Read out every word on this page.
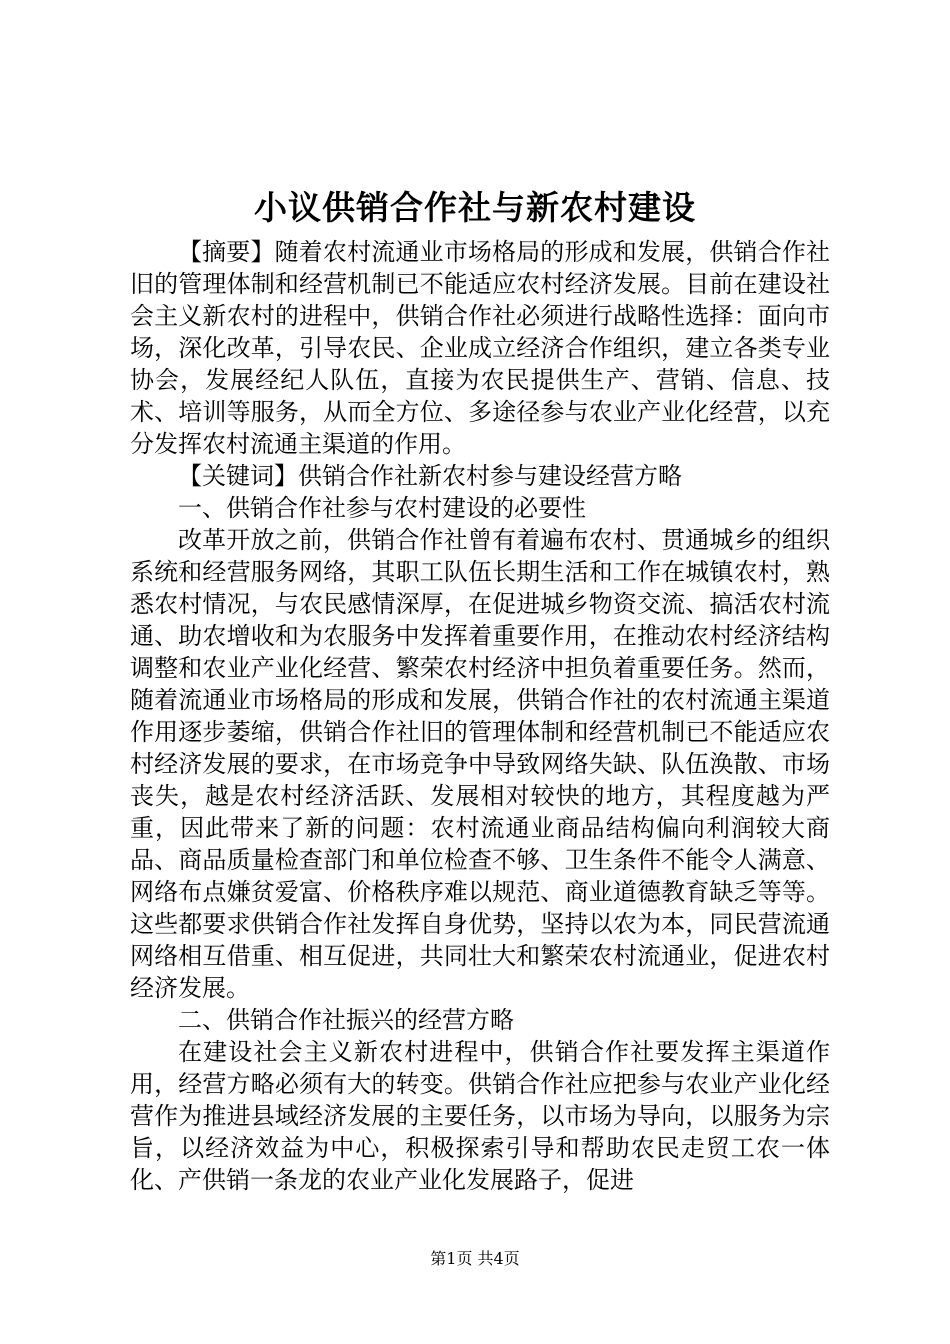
小议供销合作社与新农村建设

【摘要】随着农村流通业市场格局的形成和发展，供销合作社旧的管理体制和经营机制已不能适应农村经济发展。目前在建设社会主义新农村的进程中，供销合作社必须进行战略性选择：面向市场，深化改革，引导农民、企业成立经济合作组织，建立各类专业协会，发展经纪人队伍，直接为农民提供生产、营销、信息、技术、培训等服务，从而全方位、多途径参与农业产业化经营，以充分发挥农村流通主渠道的作用。

【关键词】供销合作社新农村参与建设经营方略

一、供销合作社参与农村建设的必要性

改革开放之前，供销合作社曾有着遍布农村、贯通城乡的组织系统和经营服务网络，其职工队伍长期生活和工作在城镇农村，熟悉农村情况，与农民感情深厚，在促进城乡物资交流、搞活农村流通、助农增收和为农服务中发挥着重要作用，在推动农村经济结构调整和农业产业化经营、繁荣农村经济中担负着重要任务。然而，随着流通业市场格局的形成和发展，供销合作社的农村流通主渠道作用逐步萎缩，供销合作社旧的管理体制和经营机制已不能适应农村经济发展的要求，在市场竞争中导致网络失缺、队伍涣散、市场丧失，越是农村经济活跃、发展相对较快的地方，其程度越为严重，因此带来了新的问题：农村流通业商品结构偏向利润较大商品、商品质量检查部门和单位检查不够、卫生条件不能令人满意、网络布点嫌贫爱富、价格秩序难以规范、商业道德教育缺乏等等。这些都要求供销合作社发挥自身优势，坚持以农为本，同民营流通网络相互借重、相互促进，共同壮大和繁荣农村流通业，促进农村经济发展。

二、供销合作社振兴的经营方略

在建设社会主义新农村进程中，供销合作社要发挥主渠道作用，经营方略必须有大的转变。供销合作社应把参与农业产业化经营作为推进县域经济发展的主要任务，以市场为导向，以服务为宗旨，以经济效益为中心，积极探索引导和帮助农民走贸工农一体化、产供销一条龙的农业产业化发展路子，促进

第1页 共4页
